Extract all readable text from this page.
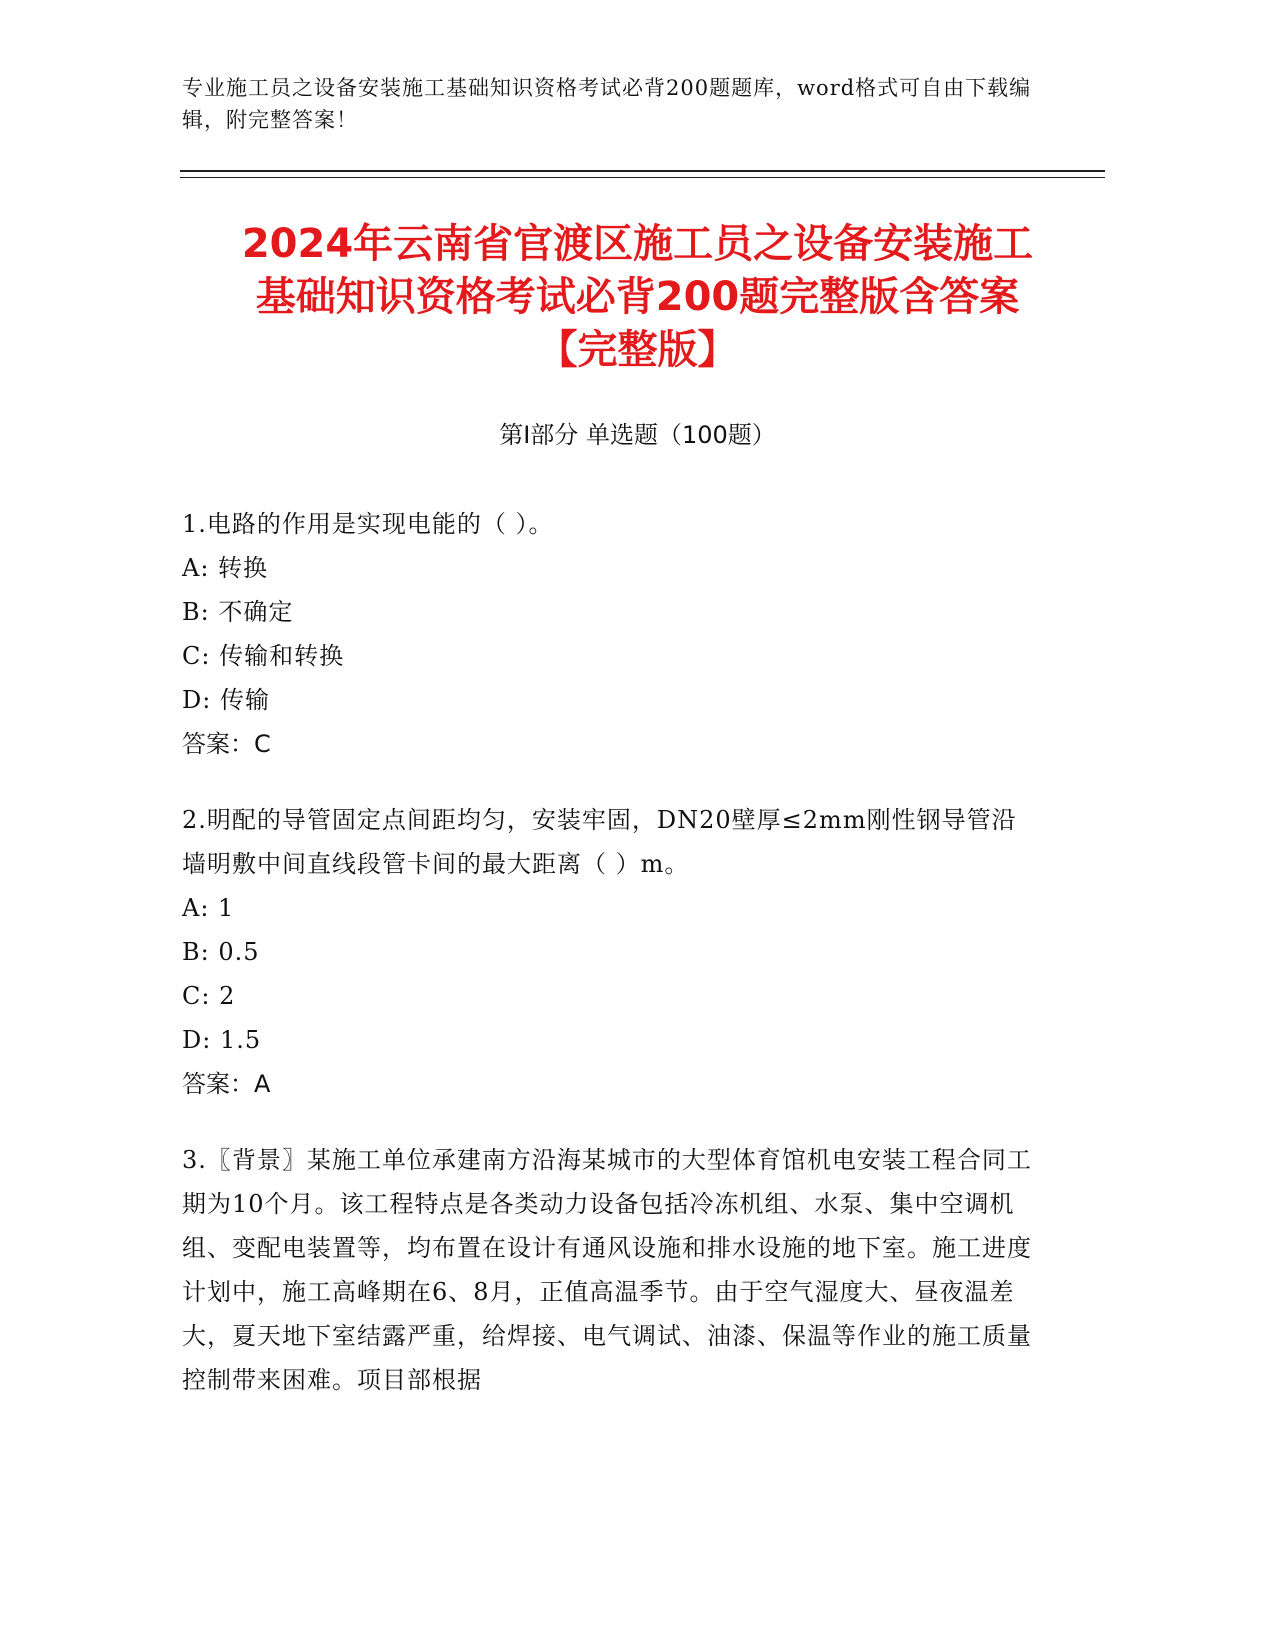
专业施工员之设备安装施工基础知识资格考试必背200题题库，word格式可自由下载编辑，附完整答案！
2024年云南省官渡区施工员之设备安装施工
基础知识资格考试必背200题完整版含答案
【完整版】
第Ⅰ部分 单选题（100题）

1.电路的作用是实现电能的（ ）。

A: 转换

B: 不确定

C: 传输和转换

D: 传输

答案：C

2.明配的导管固定点间距均匀，安装牢固，DN20壁厚≤2mm刚性钢导管沿墙明敷中间直线段管卡间的最大距离（ ）m。

A: 1

B: 0.5

C: 2

D: 1.5

答案：A

3.〖背景〗某施工单位承建南方沿海某城市的大型体育馆机电安装工程合同工期为10个月。该工程特点是各类动力设备包括冷冻机组、水泵、集中空调机组、变配电装置等，均布置在设计有通风设施和排水设施的地下室。施工进度计划中，施工高峰期在6、8月，正值高温季节。由于空气湿度大、昼夜温差大，夏天地下室结露严重，给焊接、电气调试、油漆、保温等作业的施工质量控制带来困难。项目部根据
